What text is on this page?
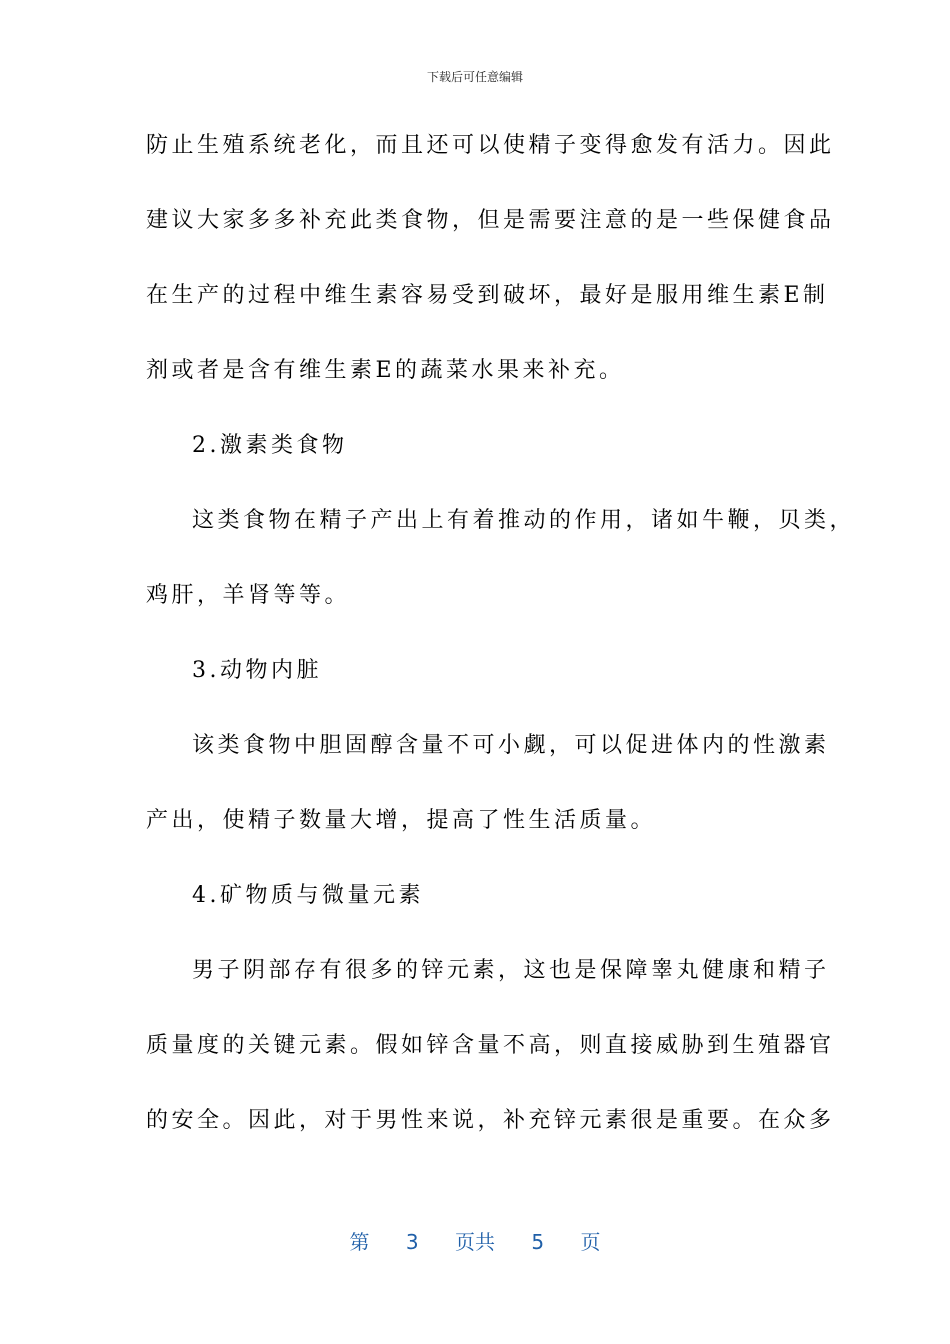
下载后可任意编辑
防止生殖系统老化，而且还可以使精子变得愈发有活力。因此
建议大家多多补充此类食物，但是需要注意的是一些保健食品
在生产的过程中维生素容易受到破坏，最好是服用维生素E制
剂或者是含有维生素E的蔬菜水果来补充。
2.激素类食物
这类食物在精子产出上有着推动的作用，诸如牛鞭，贝类，
鸡肝，羊肾等等。
3.动物内脏
该类食物中胆固醇含量不可小觑，可以促进体内的性激素
产出，使精子数量大增，提高了性生活质量。
4.矿物质与微量元素
男子阴部存有很多的锌元素，这也是保障睾丸健康和精子
质量度的关键元素。假如锌含量不高，则直接威胁到生殖器官
的安全。因此，对于男性来说，补充锌元素很是重要。在众多
第 3 页共 5 页
